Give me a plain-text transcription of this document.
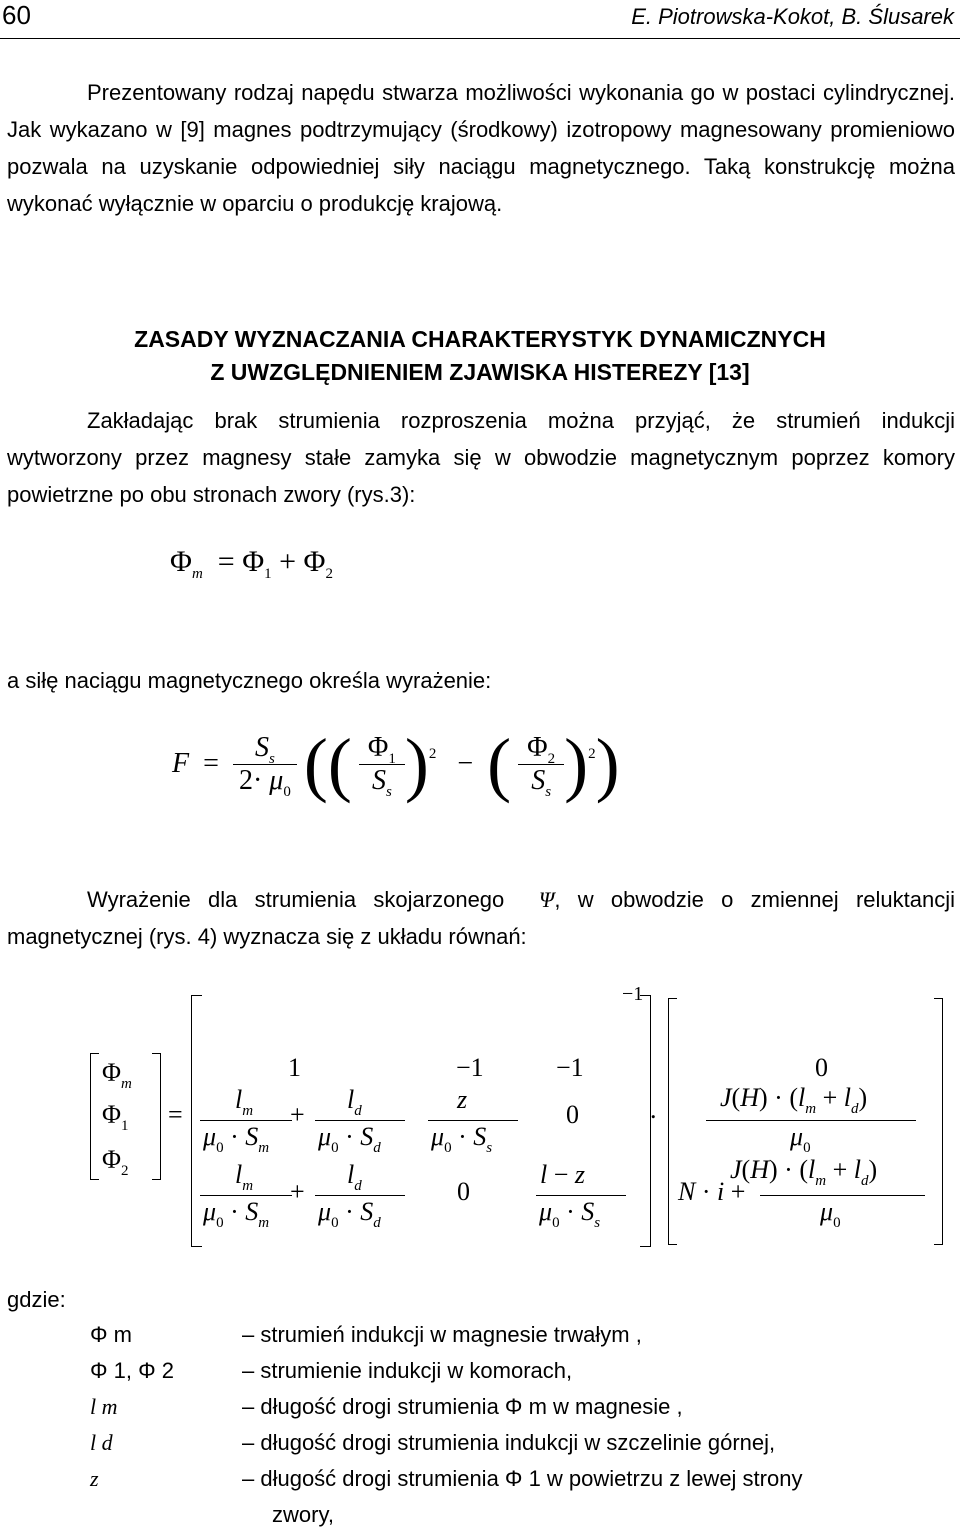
60	E. Piotrowska-Kokot, B. Ślusarek
Prezentowany rodzaj napędu stwarza możliwości wykonania go w postaci cylindrycznej. Jak wykazano w [9] magnes podtrzymujący (środkowy) izotropowy magnesowany promieniowo pozwala na uzyskanie odpowiedniej siły naciągu magnetycznego. Taką konstrukcję można wykonać wyłącznie w oparciu o produkcję krajową.
ZASADY WYZNACZANIA CHARAKTERYSTYK DYNAMICZNYCH
Z UWZGLĘDNIENIEM ZJAWISKA HISTEREZY [13]
Zakładając brak strumienia rozproszenia można przyjąć, że strumień indukcji wytworzony przez magnesy stałe zamyka się w obwodzie magnetycznym poprzez komory powietrzne po obu stronach zwory (rys.3):
$\Phi_m = \Phi_1 + \Phi_2$
a siłę naciągu magnetycznego określa wyrażenie:
$F = \frac{S_s}{2\cdot \mu_0}$ (( $\frac{\Phi_1}{S_s} )^2$   −  ( $\frac{\Phi_2}{S_s} )^2$)
Wyrażenie dla strumienia skojarzonego Ψ, w obwodzie o zmiennej reluktancji magnetycznej (rys. 4) wyznacza się z układu równań:
$\Phi_m$
$\Phi_1$
$\Phi_2$
=
−1
1	−1	−1
$l_m$
$\mu_0 \cdot S_m$
+
$l_d$
$\mu_0 \cdot S_d$
z
$\mu_0 \cdot S_s$
0
$l_m$
$\mu_0 \cdot S_m$
+
$l_d$
$\mu_0 \cdot S_d$
0
l − z
$\mu_0 \cdot S_s$
.
0
$J(H) \cdot (l_m + l_d)$
$\mu_0$
$J(H) \cdot (l_m + l_d)$
N · i +
$\mu_0$
gdzie:
Φ m	– strumień indukcji w magnesie trwałym ,
Φ 1, Φ 2	– strumienie indukcji w komorach,
l m	– długość drogi strumienia Φ m w magnesie ,
l d	– długość drogi strumienia indukcji w szczelinie górnej,
z	– długość drogi strumienia Φ 1 w powietrzu z lewej strony
zwory,
